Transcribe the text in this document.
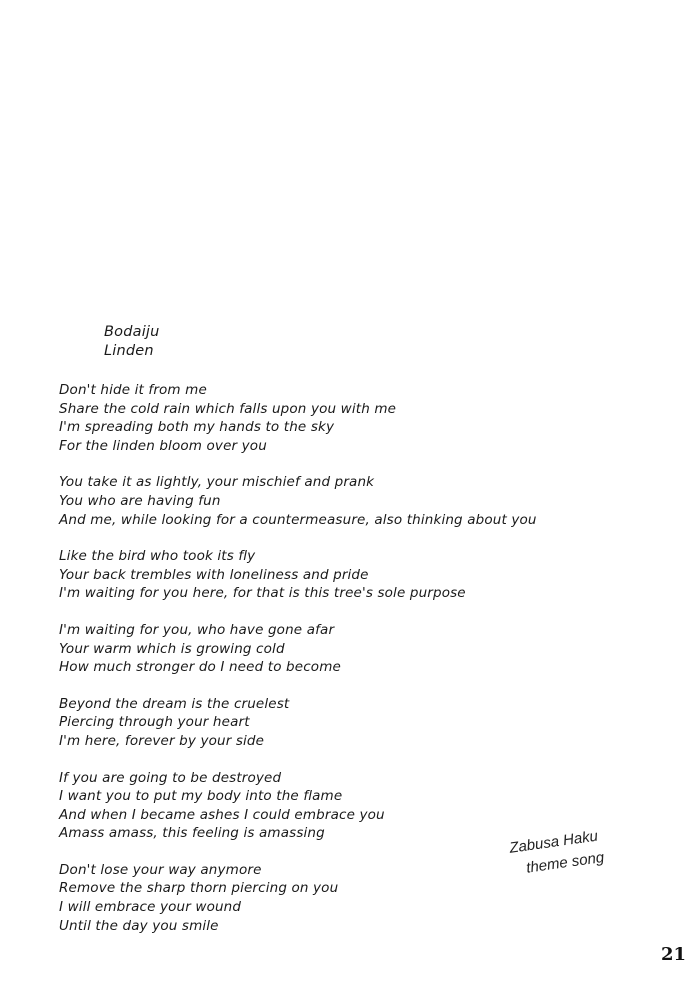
Bodaiju
Linden
Don't hide it from me
Share the cold rain which falls upon you with me
I'm spreading both my hands to the sky
For the linden bloom over you
You take it as lightly, your mischief and prank
You who are having fun
And me, while looking for a countermeasure, also thinking about you
Like the bird who took its fly
Your back trembles with loneliness and pride
I'm waiting for you here, for that is this tree's sole purpose
I'm waiting for you, who have gone afar
Your warm which is growing cold
How much stronger do I need to become
Beyond the dream is the cruelest
Piercing through your heart
I'm here, forever by your side
If you are going to be destroyed
I want you to put my body into the flame
And when I became ashes I could embrace you
Amass amass, this feeling is amassing
Don't lose your way anymore
Remove the sharp thorn piercing on you
I will embrace your wound
Until the day you smile
Zabusa Haku
theme song
21
